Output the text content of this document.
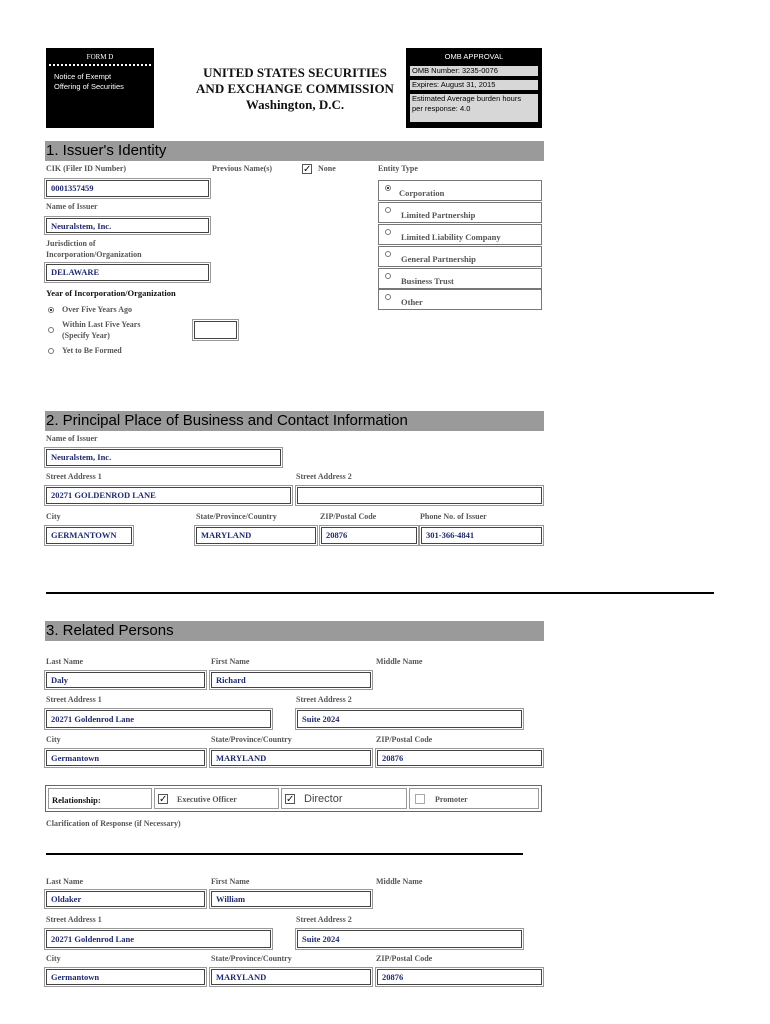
FORM D
Notice of Exempt
Offering of Securities
UNITED STATES SECURITIES
AND EXCHANGE COMMISSION
Washington, D.C.
OMB APPROVAL
OMB Number: 3235-0076
Expires: August 31, 2015
Estimated Average burden hours
per response: 4.0
1. Issuer's Identity
CIK (Filer ID Number)	Previous Name(s)	✓ None	Entity Type
0001357459
Name of Issuer
Neuralstem, Inc.
Jurisdiction of
Incorporation/Organization
DELAWARE
Year of Incorporation/Organization
Over Five Years Ago
Within Last Five Years
(Specify Year)
Yet to Be Formed
Corporation
Limited Partnership
Limited Liability Company
General Partnership
Business Trust
Other
2. Principal Place of Business and Contact Information
Name of Issuer
Neuralstem, Inc.
Street Address 1	Street Address 2
20271 GOLDENROD LANE
City	State/Province/Country	ZIP/Postal Code	Phone No. of Issuer
GERMANTOWN	MARYLAND	20876	301-366-4841
3. Related Persons
Last Name	First Name	Middle Name
Daly	Richard
Street Address 1	Street Address 2
20271 Goldenrod Lane	Suite 2024
City	State/Province/Country	ZIP/Postal Code
Germantown	MARYLAND	20876
Relationship:	✓ Executive Officer	✓ Director	Promoter
Clarification of Response (if Necessary)
Last Name	First Name	Middle Name
Oldaker	William
Street Address 1	Street Address 2
20271 Goldenrod Lane	Suite 2024
City	State/Province/Country	ZIP/Postal Code
Germantown	MARYLAND	20876
